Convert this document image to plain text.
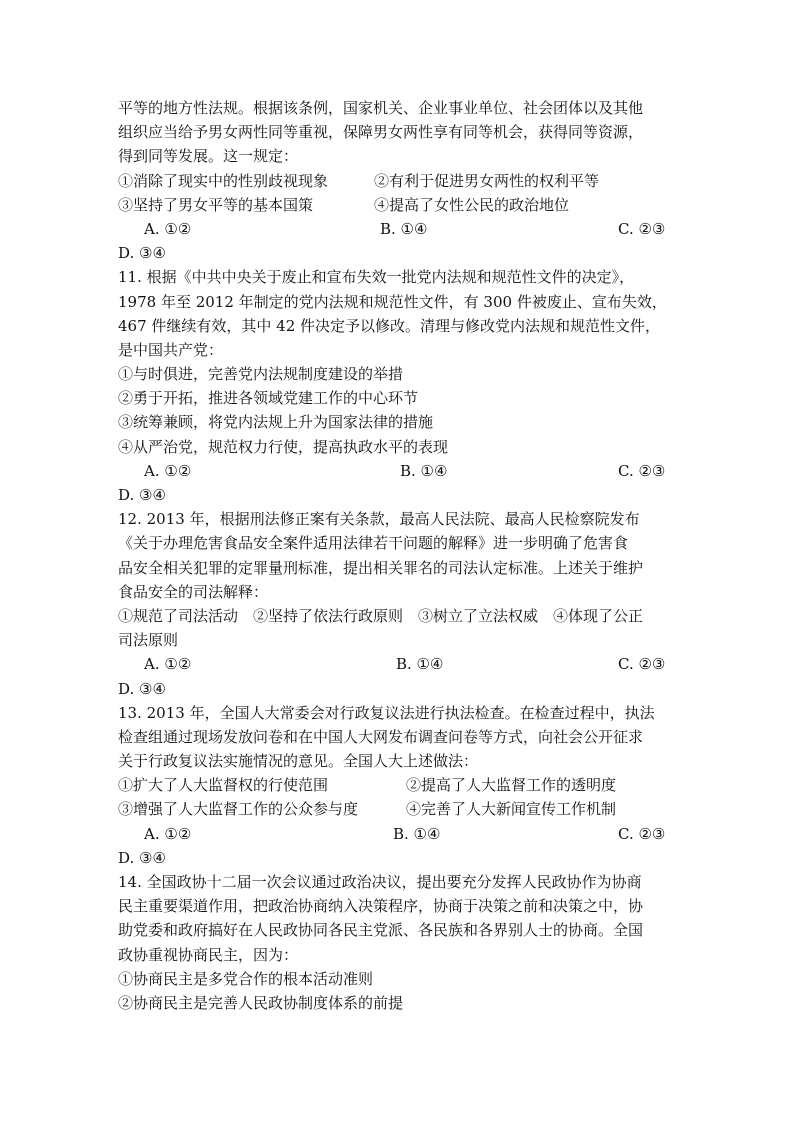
平等的地方性法规。根据该条例，国家机关、企业事业单位、社会团体以及其他
组织应当给予男女两性同等重视，保障男女两性享有同等机会，获得同等资源，
得到同等发展。这一规定：
①消除了现实中的性别歧视现象	②有利于促进男女两性的权利平等
③坚持了男女平等的基本国策	④提高了女性公民的政治地位
A. ①②	B. ①④	C. ②③
D. ③④
11. 根据《中共中央关于废止和宣布失效一批党内法规和规范性文件的决定》，
1978 年至 2012 年制定的党内法规和规范性文件，有 300 件被废止、宣布失效，
467 件继续有效，其中 42 件决定予以修改。清理与修改党内法规和规范性文件，
是中国共产党：
①与时俱进，完善党内法规制度建设的举措
②勇于开拓，推进各领域党建工作的中心环节
③统筹兼顾，将党内法规上升为国家法律的措施
④从严治党，规范权力行使，提高执政水平的表现
A. ①②	B. ①④	C. ②③
D. ③④
12. 2013 年，根据刑法修正案有关条款，最高人民法院、最高人民检察院发布
《关于办理危害食品安全案件适用法律若干问题的解释》进一步明确了危害食
品安全相关犯罪的定罪量刑标准，提出相关罪名的司法认定标准。上述关于维护
食品安全的司法解释：
①规范了司法活动　②坚持了依法行政原则　③树立了立法权威　④体现了公正
司法原则
A. ①②	B. ①④	C. ②③
D. ③④
13. 2013 年，全国人大常委会对行政复议法进行执法检查。在检查过程中，执法
检查组通过现场发放问卷和在中国人大网发布调查问卷等方式，向社会公开征求
关于行政复议法实施情况的意见。全国人大上述做法：
①扩大了人大监督权的行使范围	②提高了人大监督工作的透明度
③增强了人大监督工作的公众参与度	④完善了人大新闻宣传工作机制
A. ①②	B. ①④	C. ②③
D. ③④
14. 全国政协十二届一次会议通过政治决议，提出要充分发挥人民政协作为协商
民主重要渠道作用，把政治协商纳入决策程序，协商于决策之前和决策之中，协
助党委和政府搞好在人民政协同各民主党派、各民族和各界别人士的协商。全国
政协重视协商民主，因为：
①协商民主是多党合作的根本活动准则
②协商民主是完善人民政协制度体系的前提
